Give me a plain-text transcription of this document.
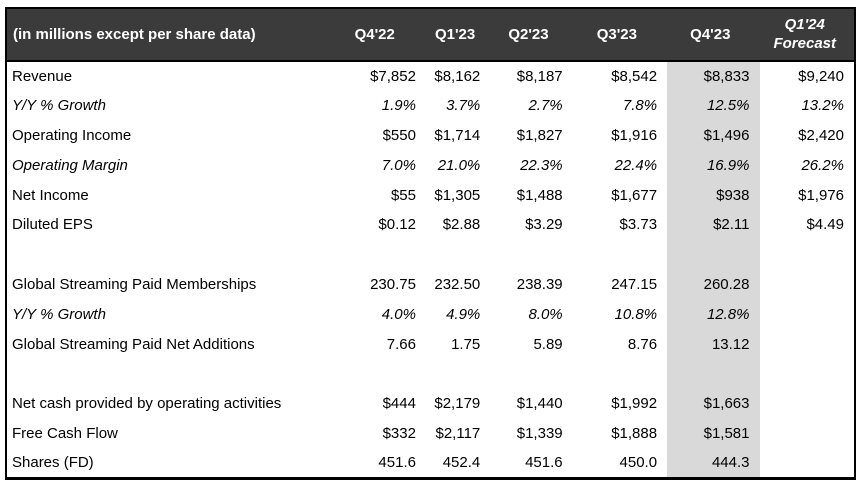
(in millions except per share data)	Q4'22	Q1'23	Q2'23	Q3'23	Q4'23	Q1'24
Forecast
Revenue	$7,852	$8,162	$8,187	$8,542	$8,833	$9,240
Y/Y % Growth	1.9%	3.7%	2.7%	7.8%	12.5%	13.2%
Operating Income	$550	$1,714	$1,827	$1,916	$1,496	$2,420
Operating Margin	7.0%	21.0%	22.3%	22.4%	16.9%	26.2%
Net Income	$55	$1,305	$1,488	$1,677	$938	$1,976
Diluted EPS	$0.12	$2.88	$3.29	$3.73	$2.11	$4.49

Global Streaming Paid Memberships	230.75	232.50	238.39	247.15	260.28	
Y/Y % Growth	4.0%	4.9%	8.0%	10.8%	12.8%	
Global Streaming Paid Net Additions	7.66	1.75	5.89	8.76	13.12	

Net cash provided by operating activities	$444	$2,179	$1,440	$1,992	$1,663	
Free Cash Flow	$332	$2,117	$1,339	$1,888	$1,581	
Shares (FD)	451.6	452.4	451.6	450.0	444.3	
